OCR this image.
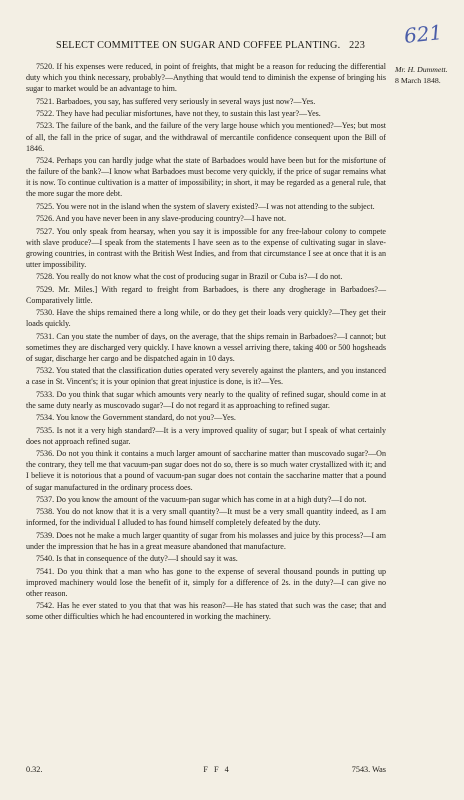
SELECT COMMITTEE ON SUGAR AND COFFEE PLANTING. 223	621
Mr. H. Dummett.
8 March 1848.

7520. If his expenses were reduced, in point of freights, that might be a reason for reducing the differential duty which you think necessary, probably?—Anything that would tend to diminish the expense of bringing his sugar to market would be an advantage to him.

7521. Barbadoes, you say, has suffered very seriously in several ways just now?—Yes.

7522. They have had peculiar misfortunes, have not they, to sustain this last year?—Yes.

7523. The failure of the bank, and the failure of the very large house which you mentioned?—Yes; but most of all, the fall in the price of sugar, and the withdrawal of mercantile confidence consequent upon the Bill of 1846.

7524. Perhaps you can hardly judge what the state of Barbadoes would have been but for the misfortune of the failure of the bank?—I know what Barbadoes must become very quickly, if the price of sugar remains what it is now. To continue cultivation is a matter of impossibility; in short, it may be regarded as a general rule, that the more sugar the more debt.

7525. You were not in the island when the system of slavery existed?—I was not attending to the subject.

7526. And you have never been in any slave-producing country?—I have not.

7527. You only speak from hearsay, when you say it is impossible for any free-labour colony to compete with slave produce?—I speak from the statements I have seen as to the expense of cultivating sugar in slave-growing countries, in contrast with the British West Indies, and from that circumstance I see at once that it is an utter impossibility.

7528. You really do not know what the cost of producing sugar in Brazil or Cuba is?—I do not.

7529. Mr. Miles.] With regard to freight from Barbadoes, is there any drogherage in Barbadoes?—Comparatively little.

7530. Have the ships remained there a long while, or do they get their loads very quickly?—They get their loads quickly.

7531. Can you state the number of days, on the average, that the ships remain in Barbadoes?—I cannot; but sometimes they are discharged very quickly. I have known a vessel arriving there, taking 400 or 500 hogsheads of sugar, discharge her cargo and be dispatched again in 10 days.

7532. You stated that the classification duties operated very severely against the planters, and you instanced a case in St. Vincent's; it is your opinion that great injustice is done, is it?—Yes.

7533. Do you think that sugar which amounts very nearly to the quality of refined sugar, should come in at the same duty nearly as muscovado sugar?—I do not regard it as approaching to refined sugar.

7534. You know the Government standard, do not you?—Yes.

7535. Is not it a very high standard?—It is a very improved quality of sugar; but I speak of what certainly does not approach refined sugar.

7536. Do not you think it contains a much larger amount of saccharine matter than muscovado sugar?—On the contrary, they tell me that vacuum-pan sugar does not do so, there is so much water crystallized with it; and I believe it is notorious that a pound of vacuum-pan sugar does not contain the saccharine matter that a pound of sugar manufactured in the ordinary process does.

7537. Do you know the amount of the vacuum-pan sugar which has come in at a high duty?—I do not.

7538. You do not know that it is a very small quantity?—It must be a very small quantity indeed, as I am informed, for the individual I alluded to has found himself completely defeated by the duty.

7539. Does not he make a much larger quantity of sugar from his molasses and juice by this process?—I am under the impression that he has in a great measure abandoned that manufacture.

7540. Is that in consequence of the duty?—I should say it was.

7541. Do you think that a man who has gone to the expense of several thousand pounds in putting up improved machinery would lose the benefit of it, simply for a difference of 2s. in the duty?—I can give no other reason.

7542. Has he ever stated to you that that was his reason?—He has stated that such was the case; that and some other difficulties which he had encountered in working the machinery.

0.32.	F F 4	7543. Was
